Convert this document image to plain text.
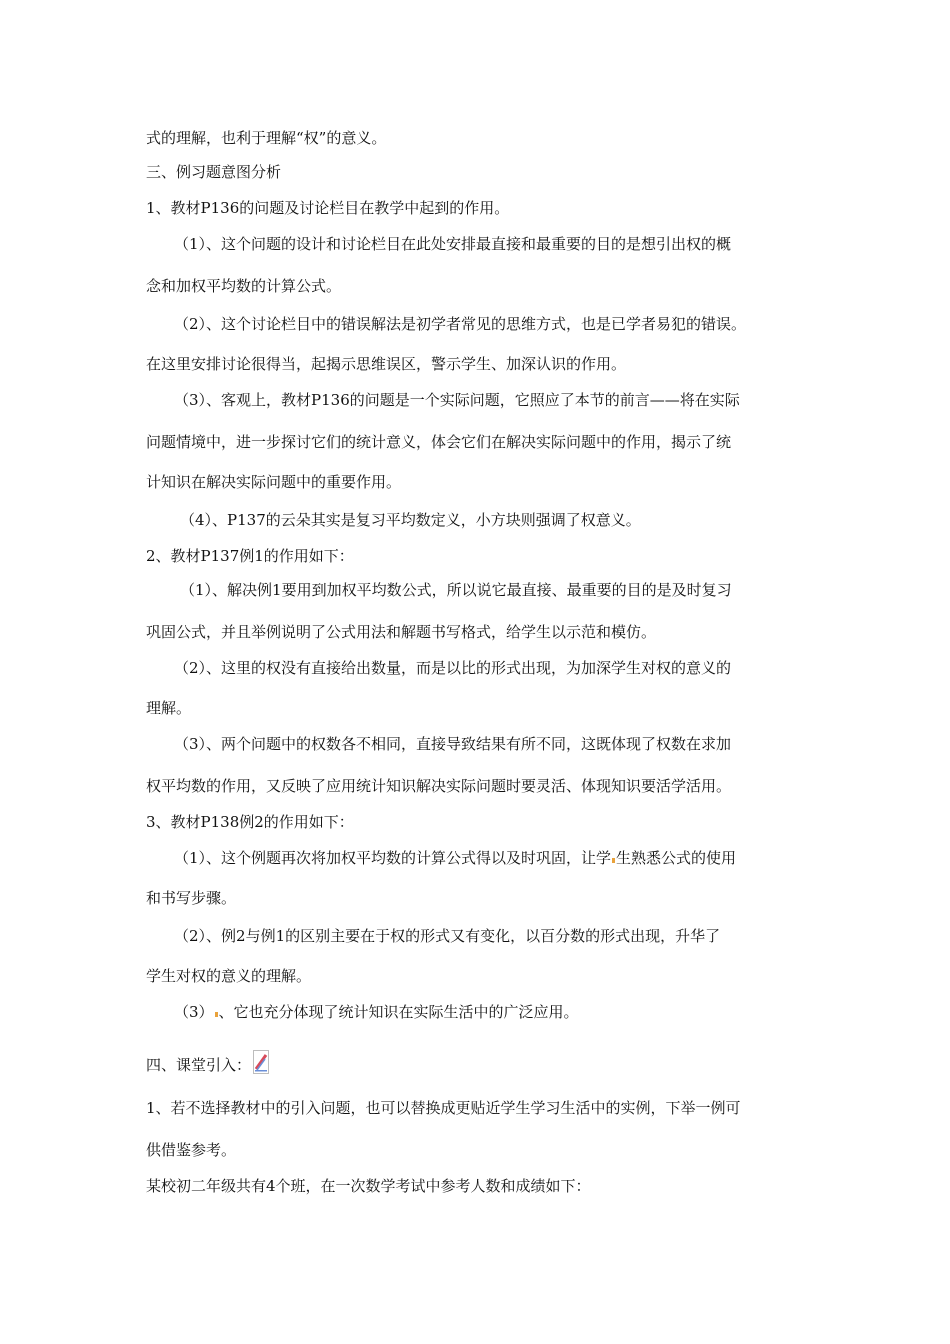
式的理解，也利于理解“权”的意义。
三、例习题意图分析
1、教材P136的问题及讨论栏目在教学中起到的作用。
（1）、这个问题的设计和讨论栏目在此处安排最直接和最重要的目的是想引出权的概
念和加权平均数的计算公式。
（2）、这个讨论栏目中的错误解法是初学者常见的思维方式，也是已学者易犯的错误。
在这里安排讨论很得当，起揭示思维误区，警示学生、加深认识的作用。
（3）、客观上，教材P136的问题是一个实际问题，它照应了本节的前言——将在实际
问题情境中，进一步探讨它们的统计意义，体会它们在解决实际问题中的作用，揭示了统
计知识在解决实际问题中的重要作用。
（4）、P137的云朵其实是复习平均数定义，小方块则强调了权意义。
2、教材P137例1的作用如下：
（1）、解决例1要用到加权平均数公式，所以说它最直接、最重要的目的是及时复习
巩固公式，并且举例说明了公式用法和解题书写格式，给学生以示范和模仿。
（2）、这里的权没有直接给出数量，而是以比的形式出现，为加深学生对权的意义的
理解。
（3）、两个问题中的权数各不相同，直接导致结果有所不同，这既体现了权数在求加
权平均数的作用，又反映了应用统计知识解决实际问题时要灵活、体现知识要活学活用。
3、教材P138例2的作用如下：
（1）、这个例题再次将加权平均数的计算公式得以及时巩固，让学 生熟悉公式的使用
和书写步骤。
（2）、例2与例1的区别主要在于权的形式又有变化，以百分数的形式出现，升华了
学生对权的意义的理解。
（3） 、它也充分体现了统计知识在实际生活中的广泛应用。
四、课堂引入：
1、若不选择教材中的引入问题，也可以替换成更贴近学生学习生活中的实例，下举一例可
供借鉴参考。
某校初二年级共有4个班，在一次数学考试中参考人数和成绩如下：
